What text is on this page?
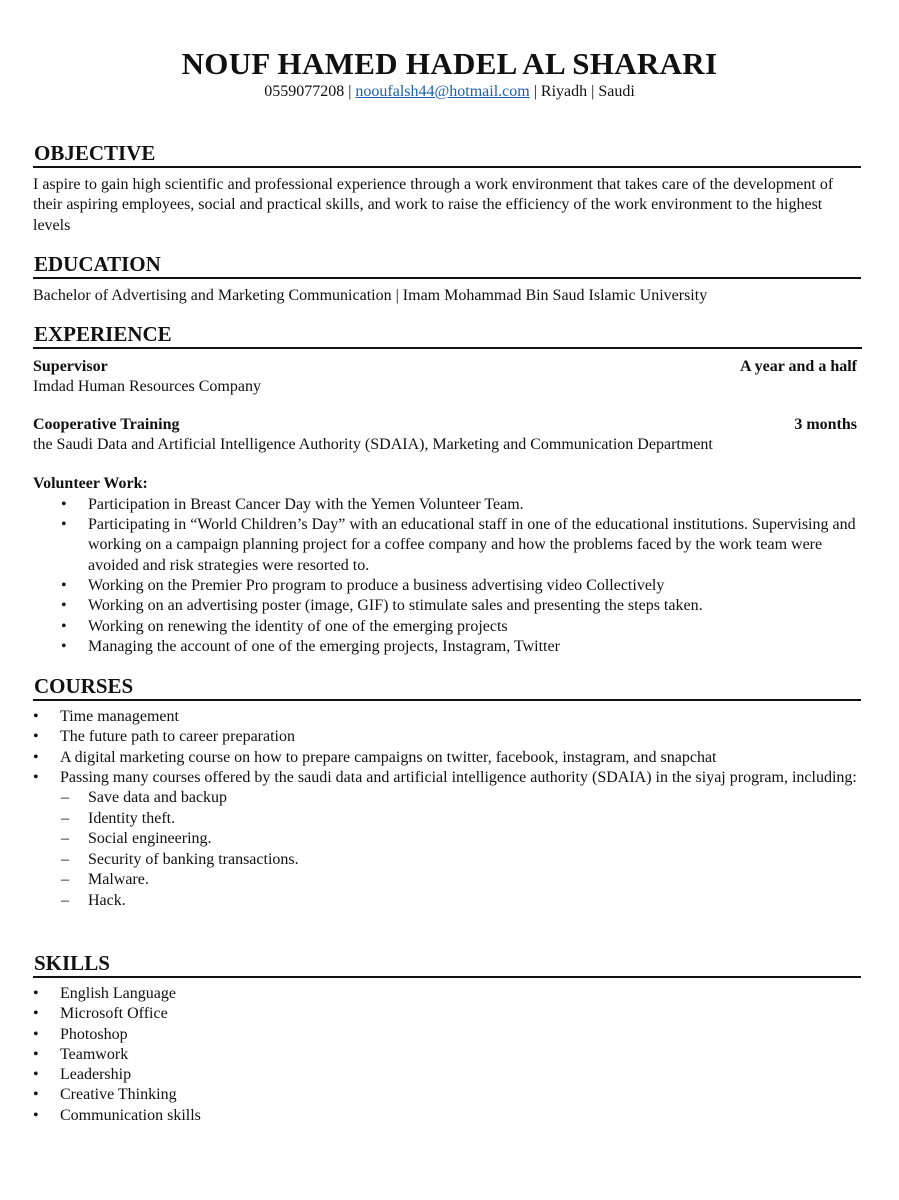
NOUF HAMED HADEL AL SHARARI
0559077208 | nooufalsh44@hotmail.com | Riyadh | Saudi
OBJECTIVE
I aspire to gain high scientific and professional experience through a work environment that takes care of the development of their aspiring employees, social and practical skills, and work to raise the efficiency of the work environment to the highest levels
EDUCATION
Bachelor of Advertising and Marketing Communication | Imam Mohammad Bin Saud Islamic University
EXPERIENCE
Supervisor	A year and a half
Imdad Human Resources Company
Cooperative Training	3 months
the Saudi Data and Artificial Intelligence Authority (SDAIA), Marketing and Communication Department
Volunteer Work:
• Participation in Breast Cancer Day with the Yemen Volunteer Team.
• Participating in “World Children’s Day” with an educational staff in one of the educational institutions. Supervising and working on a campaign planning project for a coffee company and how the problems faced by the work team were avoided and risk strategies were resorted to.
• Working on the Premier Pro program to produce a business advertising video Collectively
• Working on an advertising poster (image, GIF) to stimulate sales and presenting the steps taken.
• Working on renewing the identity of one of the emerging projects
• Managing the account of one of the emerging projects, Instagram, Twitter
COURSES
• Time management
• The future path to career preparation
• A digital marketing course on how to prepare campaigns on twitter, facebook, instagram, and snapchat
• Passing many courses offered by the saudi data and artificial intelligence authority (SDAIA) in the siyaj program, including:
– Save data and backup
– Identity theft.
– Social engineering.
– Security of banking transactions.
– Malware.
– Hack.
SKILLS
• English Language
• Microsoft Office
• Photoshop
• Teamwork
• Leadership
• Creative Thinking
• Communication skills
